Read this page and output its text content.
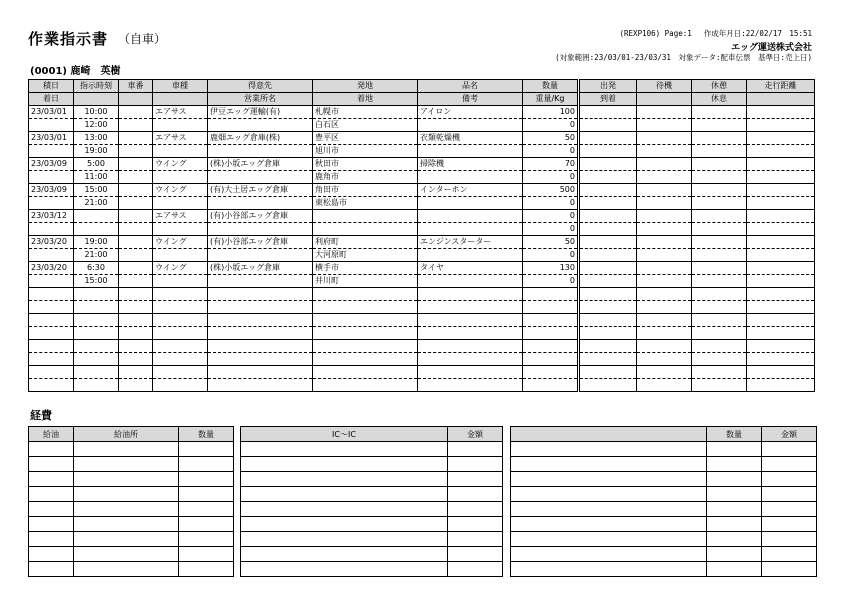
作業指示書 （自車）	(REXP106) Page:1　 作成年月日:22/02/17　15:51
エッグ運送株式会社
(対象範囲:23/03/01-23/03/31　対象データ:配車伝票　基準日:売上日)
(0001) 鹿崎　英樹
積日	指示時刻	車番	車種	得意先	発地	品名	数量	出発	待機	休憩	走行距離
着日				営業所名	着地	備考	重量/Kg	到着		休息	
23/03/01	10:00		エアサス	伊豆エッグ運輸(有)	札幌市	アイロン	100				
	12:00				白石区		0				
23/03/01	13:00		エアサス	鹿畑エッグ倉庫(株)	豊平区	衣類乾燥機	50				
	19:00				旭川市		0				
23/03/09	5:00		ウイング	(株)小坂エッグ倉庫	秋田市	掃除機	70				
	11:00				鹿角市		0				
23/03/09	15:00		ウイング	(有)大土居エッグ倉庫	角田市	インターホン	500				
	21:00				東松島市		0				
23/03/12			エアサス	(有)小谷部エッグ倉庫			0				
							0				
23/03/20	19:00		ウイング	(有)小谷部エッグ倉庫	利府町	エンジンスターター	50				
	21:00				大河原町		0				
23/03/20	6:30		ウイング	(株)小坂エッグ倉庫	横手市	タイヤ	130				
	15:00				井川町		0				

経費
給油	給油所	数量

			IC～IC	金額

		数量	金額
